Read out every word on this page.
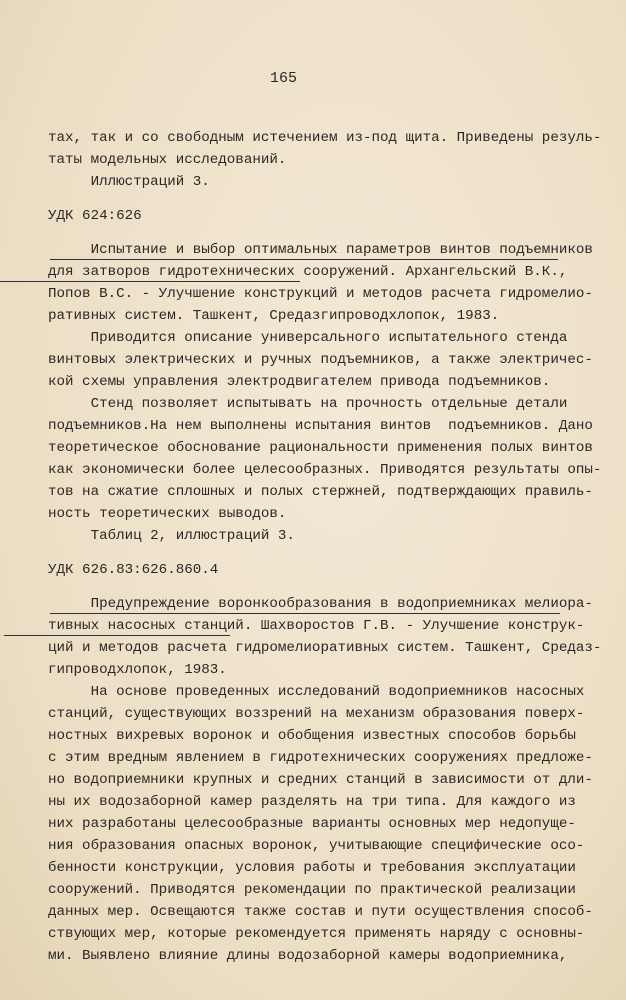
165
тах, так и со свободным истечением из-под щита. Приведены резуль-
таты модельных исследований.
Иллюстраций 3.
УДК 624:626
Испытание и выбор оптимальных параметров винтов подъемников
для затворов гидротехнических сооружений. Архангельский В.К.,
Попов В.С. - Улучшение конструкций и методов расчета гидромелио-
ративных систем. Ташкент, Средазгипроводхлопок, 1983.
Приводится описание универсального испытательного стенда
винтовых электрических и ручных подъемников, а также электричес-
кой схемы управления электродвигателем привода подъемников.
Стенд позволяет испытывать на прочность отдельные детали
подъемников.На нем выполнены испытания винтов  подъемников. Дано
теоретическое обоснование рациональности применения полых винтов
как экономически более целесообразных. Приводятся результаты опы-
тов на сжатие сплошных и полых стержней, подтверждающих правиль-
ность теоретических выводов.
Таблиц 2, иллюстраций 3.
УДК 626.83:626.860.4
Предупреждение воронкообразования в водоприемниках мелиора-
тивных насосных станций. Шахворостов Г.В. - Улучшение конструк-
ций и методов расчета гидромелиоративных систем. Ташкент, Средаз-
гипроводхлопок, 1983.
На основе проведенных исследований водоприемников насосных
станций, существующих воззрений на механизм образования поверх-
ностных вихревых воронок и обобщения известных способов борьбы
с этим вредным явлением в гидротехнических сооружениях предложе-
но водоприемники крупных и средних станций в зависимости от дли-
ны их водозаборной камер разделять на три типа. Для каждого из
них разработаны целесообразные варианты основных мер недопуще-
ния образования опасных воронок, учитывающие специфические осо-
бенности конструкции, условия работы и требования эксплуатации
сооружений. Приводятся рекомендации по практической реализации
данных мер. Освещаются также состав и пути осуществления способ-
ствующих мер, которые рекомендуется применять наряду с основны-
ми. Выявлено влияние длины водозаборной камеры водоприемника,
